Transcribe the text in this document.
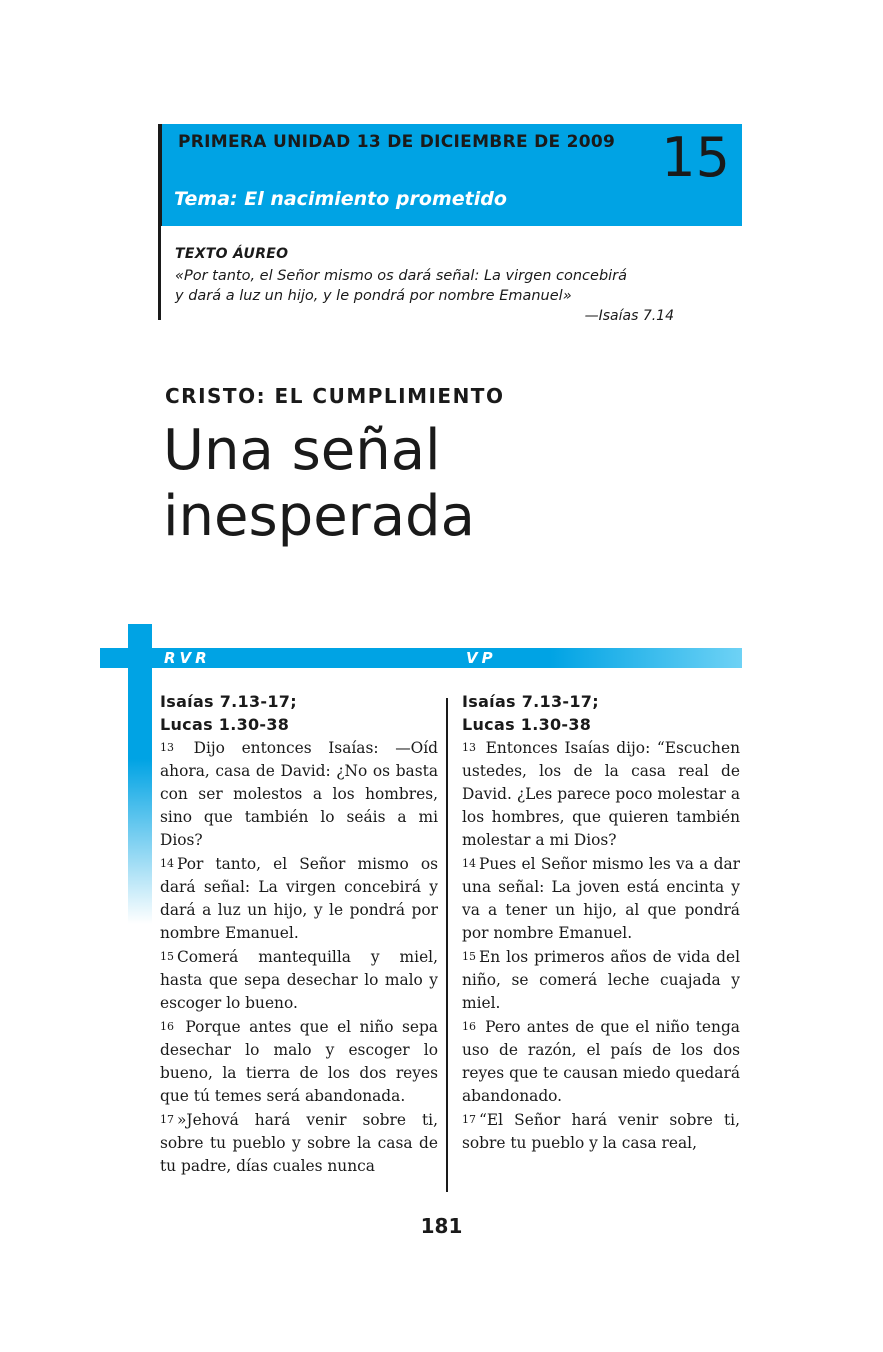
PRIMERA UNIDAD 13 DE DICIEMBRE DE 2009 15
Tema: El nacimiento prometido
TEXTO ÁUREO
«Por tanto, el Señor mismo os dará señal: La virgen concebirá
y dará a luz un hijo, y le pondrá por nombre Emanuel»
—Isaías 7.14
CRISTO: EL CUMPLIMIENTO
Una señal
inesperada
RVR	VP
Isaías 7.13-17;
Lucas 1.30-38
13 Dijo entonces Isaías: —Oíd ahora, casa de David: ¿No os basta con ser molestos a los hombres, sino que también lo seáis a mi Dios?
14 Por tanto, el Señor mismo os dará señal: La virgen concebirá y dará a luz un hijo, y le pondrá por nombre Emanuel.
15 Comerá mantequilla y miel, hasta que sepa desechar lo malo y escoger lo bueno.
16 Porque antes que el niño sepa desechar lo malo y escoger lo bueno, la tierra de los dos reyes que tú temes será abandonada.
17 »Jehová hará venir sobre ti, sobre tu pueblo y sobre la casa de tu padre, días cuales nunca
Isaías 7.13-17;
Lucas 1.30-38
13 Entonces Isaías dijo: “Escuchen ustedes, los de la casa real de David. ¿Les parece poco molestar a los hombres, que quieren también molestar a mi Dios?
14 Pues el Señor mismo les va a dar una señal: La joven está encinta y va a tener un hijo, al que pondrá por nombre Emanuel.
15 En los primeros años de vida del niño, se comerá leche cuajada y miel.
16 Pero antes de que el niño tenga uso de razón, el país de los dos reyes que te causan miedo quedará abandonado.
17 “El Señor hará venir sobre ti, sobre tu pueblo y la casa real,
181
